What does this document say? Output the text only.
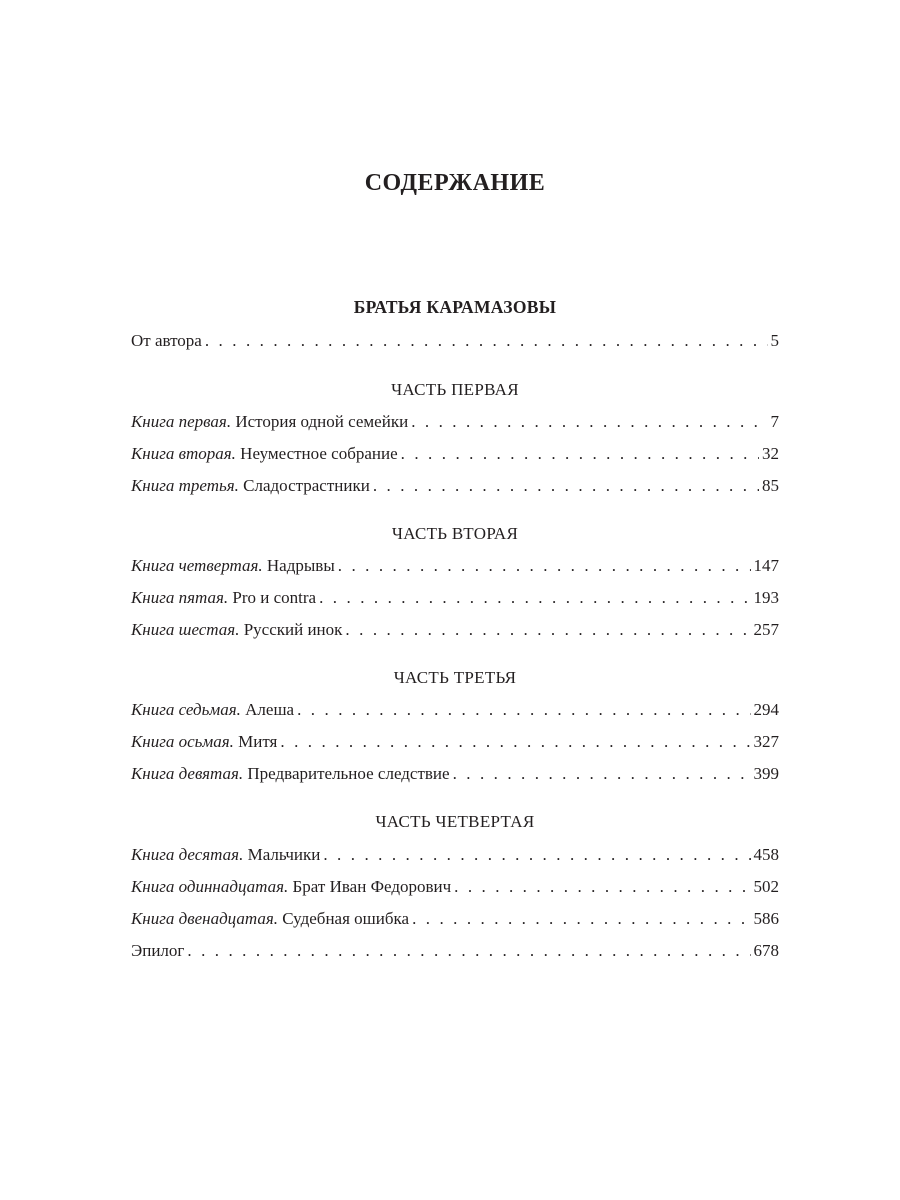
СОДЕРЖАНИЕ
БРАТЬЯ КАРАМАЗОВЫ
От автора . . .	5
ЧАСТЬ ПЕРВАЯ
Книга первая. История одной семейки . . .	7
Книга вторая. Неуместное собрание . . .	32
Книга третья. Сладострастники . . .	85
ЧАСТЬ ВТОРАЯ
Книга четвертая. Надрывы . . .	147
Книга пятая. Pro и contra . . .	193
Книга шестая. Русский инок . . .	257
ЧАСТЬ ТРЕТЬЯ
Книга седьмая. Алеша . . .	294
Книга осьмая. Митя . . .	327
Книга девятая. Предварительное следствие . . .	399
ЧАСТЬ ЧЕТВЕРТАЯ
Книга десятая. Мальчики . . .	458
Книга одиннадцатая. Брат Иван Федорович . . .	502
Книга двенадцатая. Судебная ошибка . . .	586
Эпилог . . .	678
